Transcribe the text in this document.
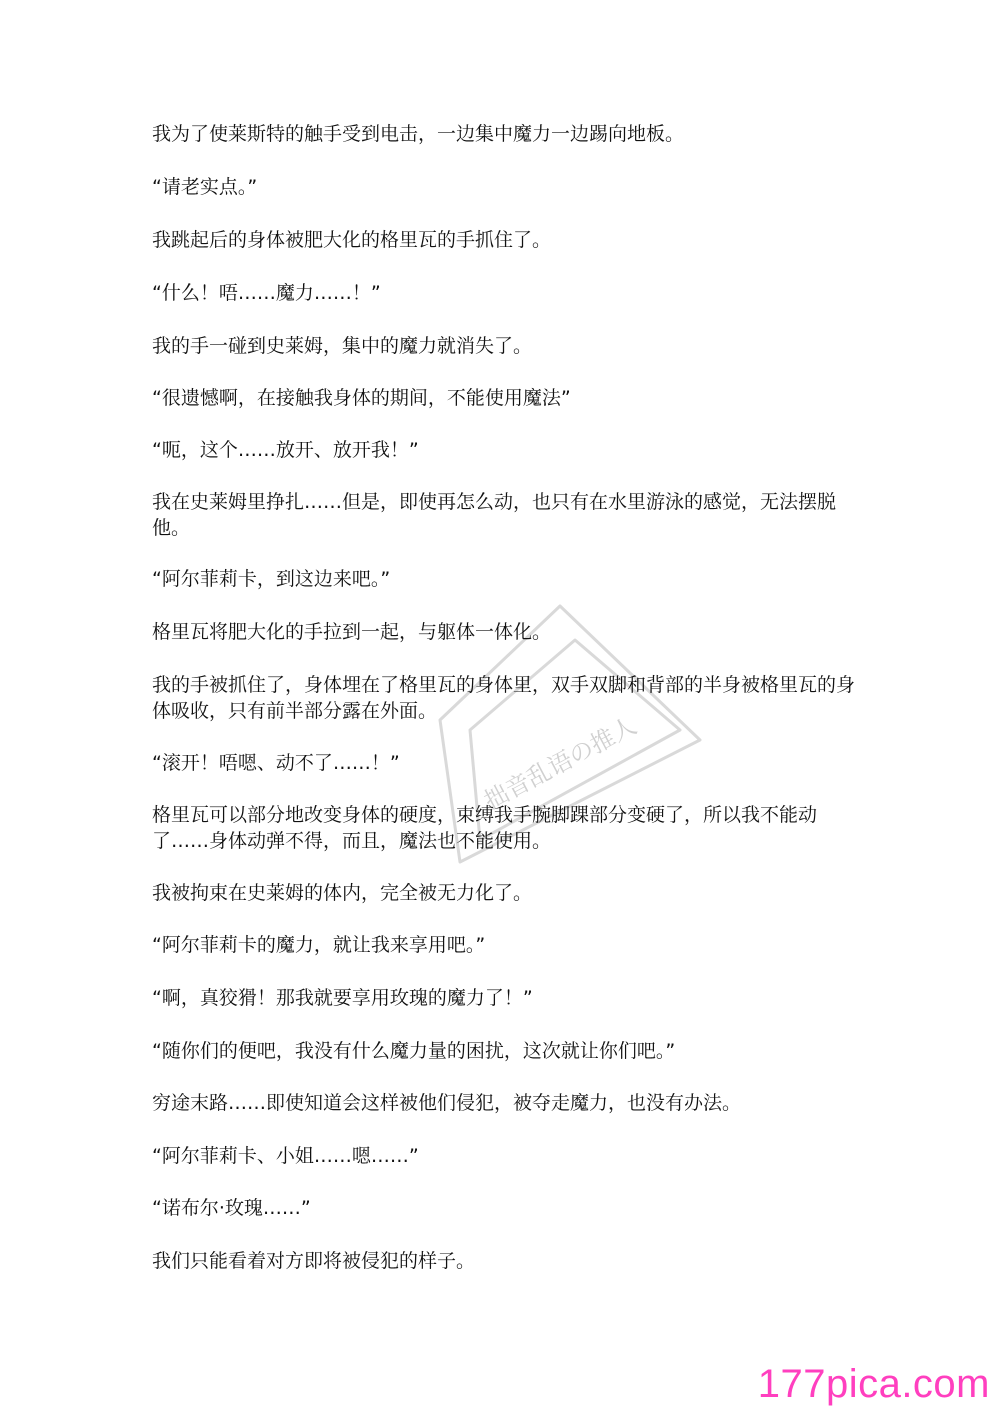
拙音乱语の推人

我为了使莱斯特的触手受到电击，一边集中魔力一边踢向地板。

“请老实点。”

我跳起后的身体被肥大化的格里瓦的手抓住了。

“什么！唔……魔力……！”

我的手一碰到史莱姆，集中的魔力就消失了。

“很遗憾啊，在接触我身体的期间，不能使用魔法”

“呃，这个……放开、放开我！”

我在史莱姆里挣扎……但是，即使再怎么动，也只有在水里游泳的感觉，无法摆脱他。

“阿尔菲莉卡，到这边来吧。”

格里瓦将肥大化的手拉到一起，与躯体一体化。

我的手被抓住了，身体埋在了格里瓦的身体里，双手双脚和背部的半身被格里瓦的身体吸收，只有前半部分露在外面。

“滚开！唔嗯、动不了……！”

格里瓦可以部分地改变身体的硬度，束缚我手腕脚踝部分变硬了，所以我不能动了……身体动弹不得，而且，魔法也不能使用。

我被拘束在史莱姆的体内，完全被无力化了。

“阿尔菲莉卡的魔力，就让我来享用吧。”

“啊，真狡猾！那我就要享用玫瑰的魔力了！”

“随你们的便吧，我没有什么魔力量的困扰，这次就让你们吧。”

穷途末路……即使知道会这样被他们侵犯，被夺走魔力，也没有办法。

“阿尔菲莉卡、小姐……嗯……”

“诺布尔·玫瑰……”

我们只能看着对方即将被侵犯的样子。

177pica.com
